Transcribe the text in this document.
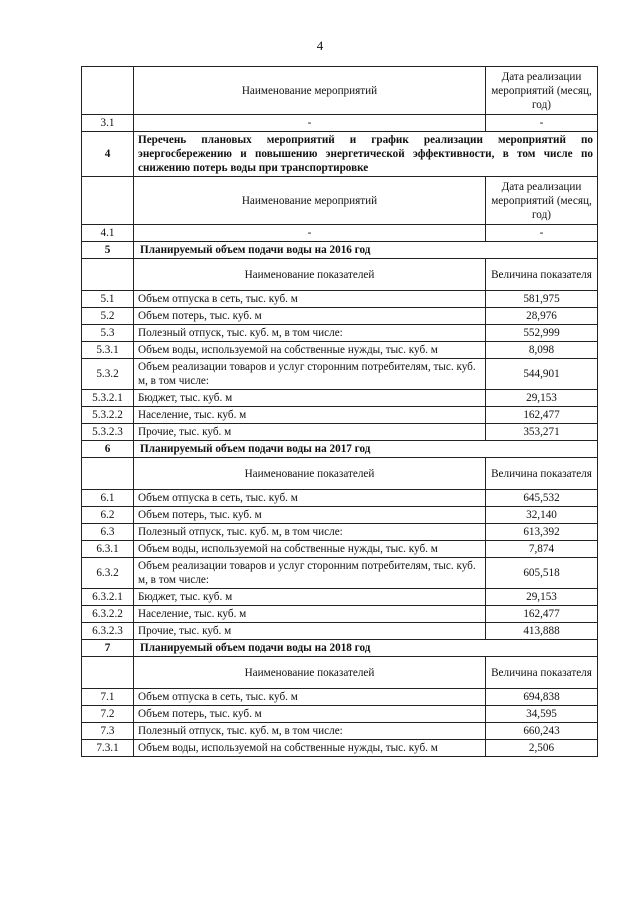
4
	Наименование мероприятий	Дата реализации мероприятий (месяц, год)
3.1	-	-
4	Перечень плановых мероприятий и график реализации мероприятий по энергосбережению и повышению энергетической эффективности, в том числе по снижению потерь воды при транспортировке	
	Наименование мероприятий	Дата реализации мероприятий (месяц, год)
4.1	-	-
5	Планируемый объем подачи воды на 2016 год	
	Наименование показателей	Величина показателя
5.1	Объем отпуска в сеть, тыс. куб. м	581,975
5.2	Объем потерь, тыс. куб. м	28,976
5.3	Полезный отпуск, тыс. куб. м, в том числе:	552,999
5.3.1	Объем воды, используемой на собственные нужды, тыс. куб. м	8,098
5.3.2	Объем реализации товаров и услуг сторонним потребителям, тыс. куб. м, в том числе:	544,901
5.3.2.1	Бюджет, тыс. куб. м	29,153
5.3.2.2	Население, тыс. куб. м	162,477
5.3.2.3	Прочие, тыс. куб. м	353,271
6	Планируемый объем подачи воды на 2017 год	
	Наименование показателей	Величина показателя
6.1	Объем отпуска в сеть, тыс. куб. м	645,532
6.2	Объем потерь, тыс. куб. м	32,140
6.3	Полезный отпуск, тыс. куб. м, в том числе:	613,392
6.3.1	Объем воды, используемой на собственные нужды, тыс. куб. м	7,874
6.3.2	Объем реализации товаров и услуг сторонним потребителям, тыс. куб. м, в том числе:	605,518
6.3.2.1	Бюджет, тыс. куб. м	29,153
6.3.2.2	Население, тыс. куб. м	162,477
6.3.2.3	Прочие, тыс. куб. м	413,888
7	Планируемый объем подачи воды на 2018 год	
	Наименование показателей	Величина показателя
7.1	Объем отпуска в сеть, тыс. куб. м	694,838
7.2	Объем потерь, тыс. куб. м	34,595
7.3	Полезный отпуск, тыс. куб. м, в том числе:	660,243
7.3.1	Объем воды, используемой на собственные нужды, тыс. куб. м	2,506
